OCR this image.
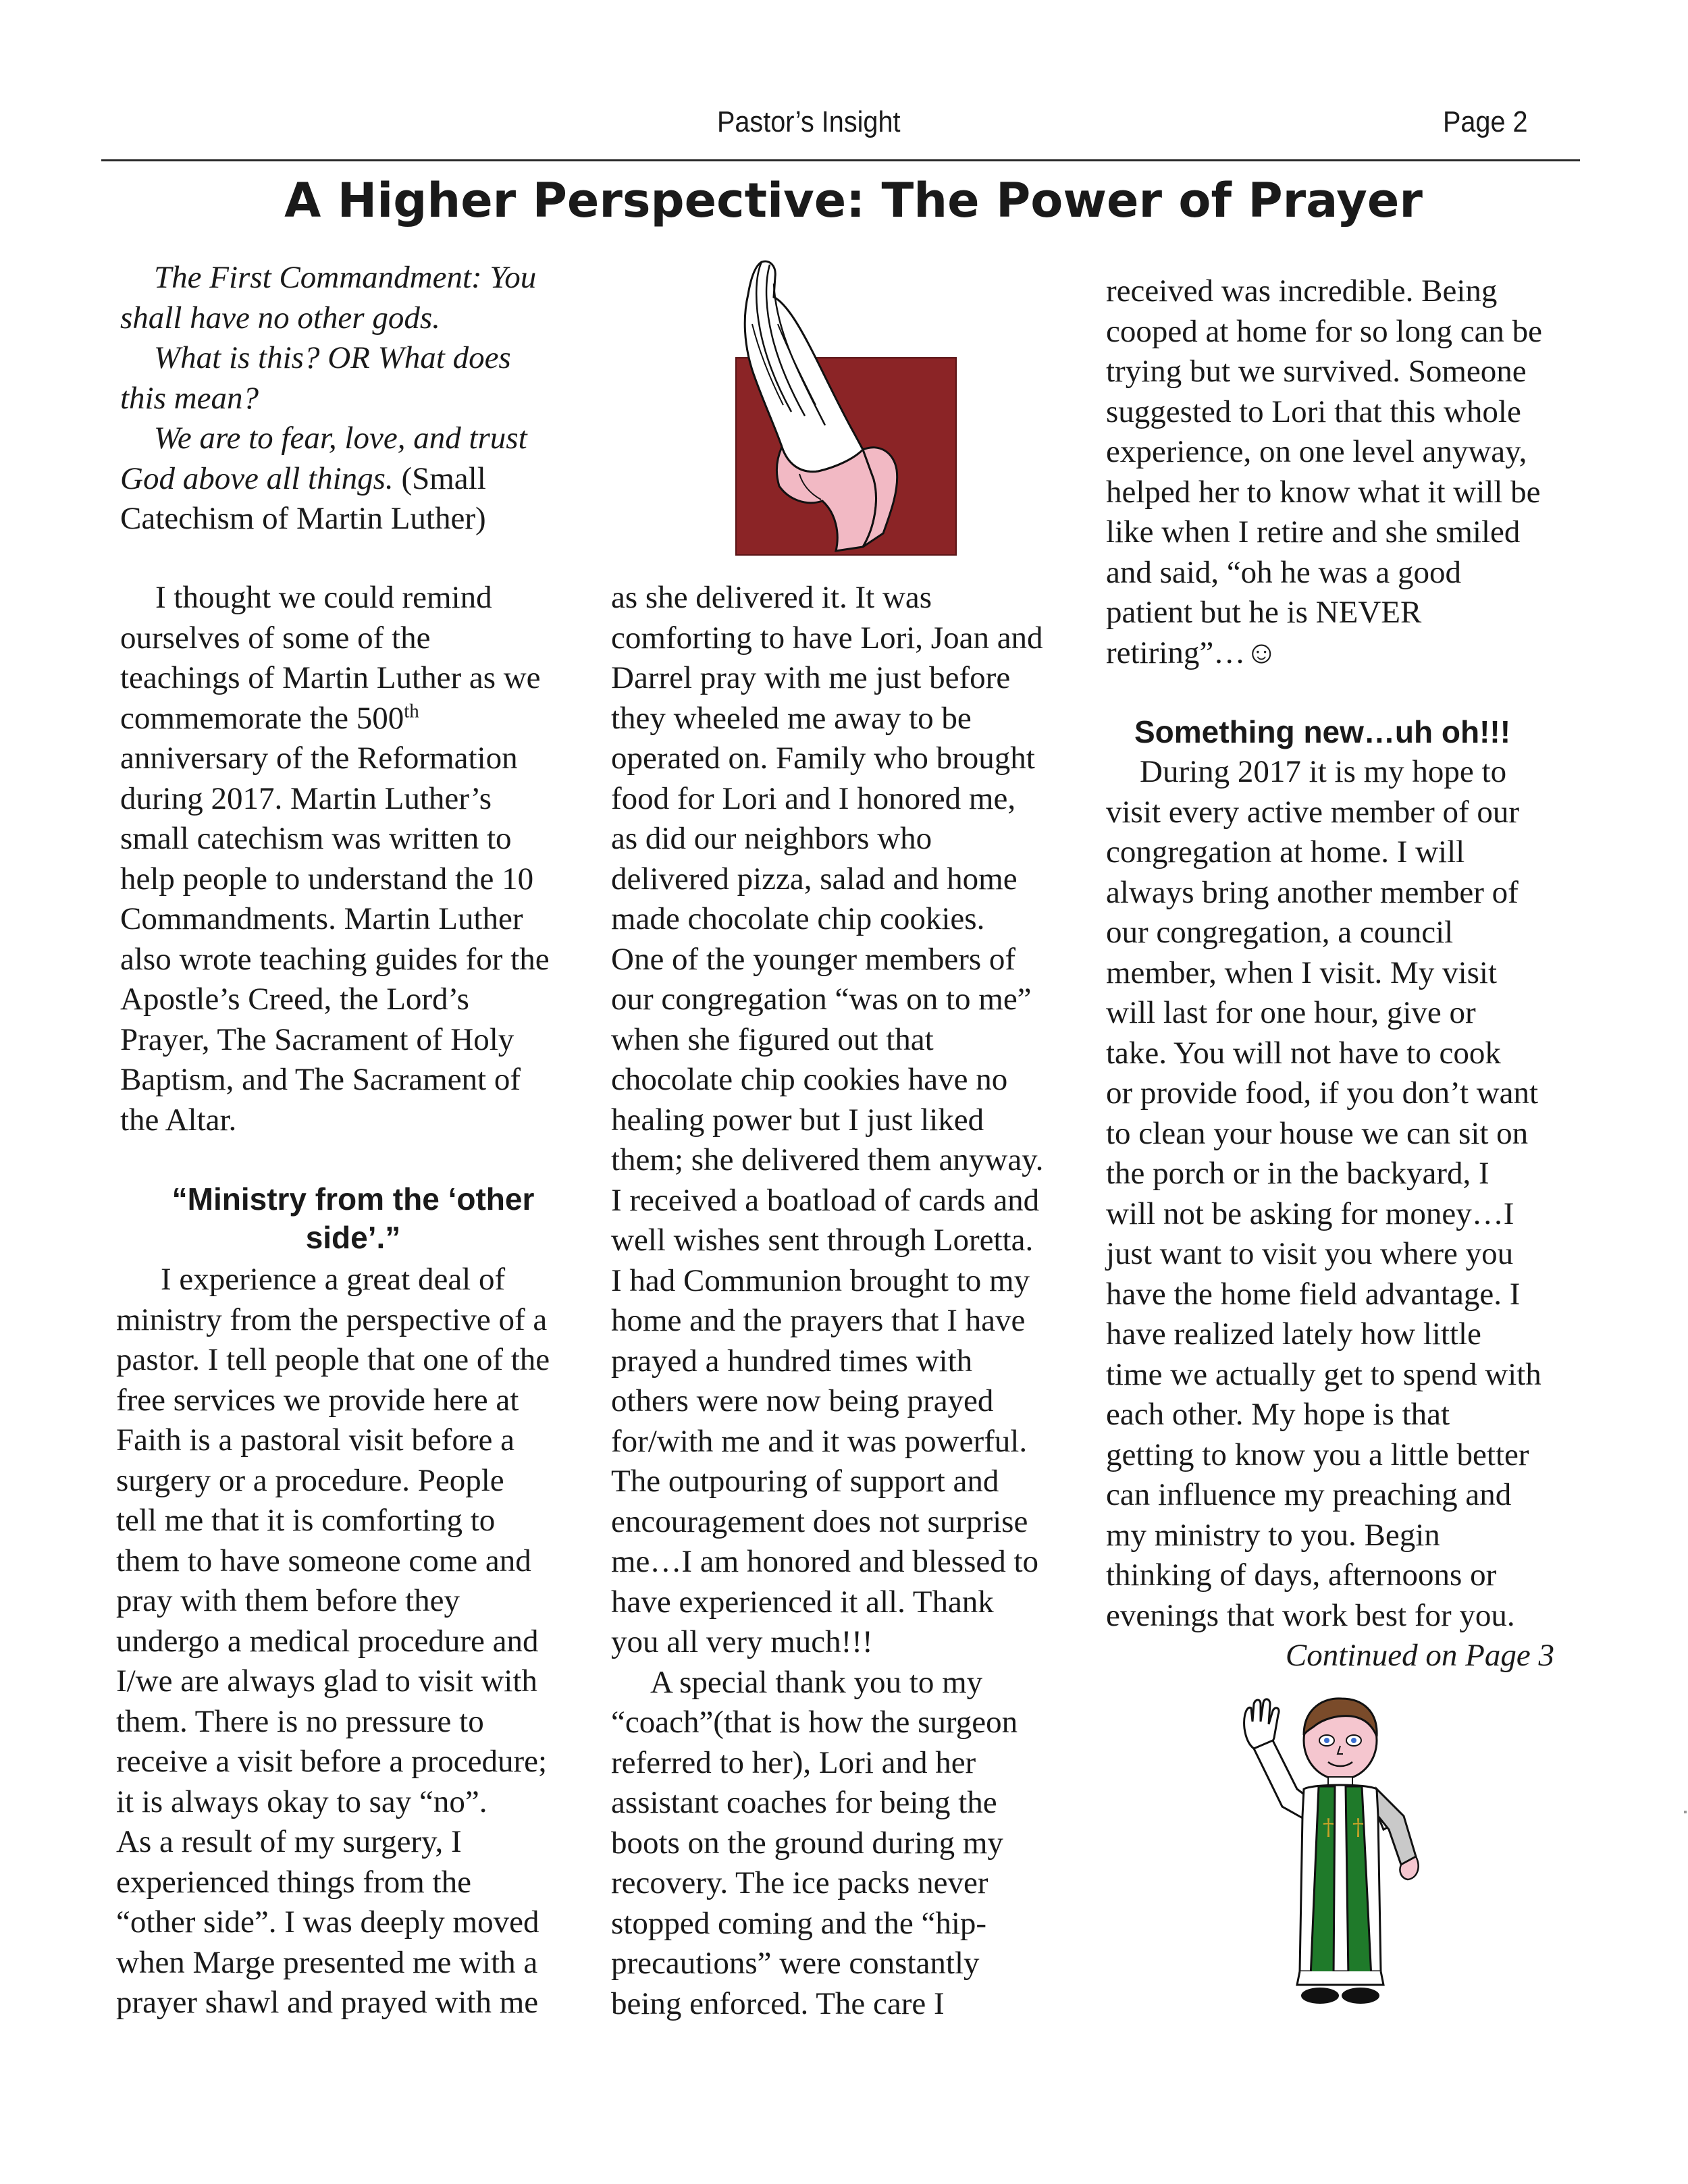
Pastor’s Insight	Page 2
A Higher Perspective: The Power of Prayer
The First Commandment: You
shall have no other gods.
What is this? OR What does
this mean?
We are to fear, love, and trust
God above all things. (Small
Catechism of Martin Luther)
I thought we could remind
ourselves of some of the
teachings of Martin Luther as we
commemorate the 500th
anniversary of the Reformation
during 2017. Martin Luther’s
small catechism was written to
help people to understand the 10
Commandments. Martin Luther
also wrote teaching guides for the
Apostle’s Creed, the Lord’s
Prayer, The Sacrament of Holy
Baptism, and The Sacrament of
the Altar.
“Ministry from the ‘other
side’.”
I experience a great deal of
ministry from the perspective of a
pastor. I tell people that one of the
free services we provide here at
Faith is a pastoral visit before a
surgery or a procedure. People
tell me that it is comforting to
them to have someone come and
pray with them before they
undergo a medical procedure and
I/we are always glad to visit with
them. There is no pressure to
receive a visit before a procedure;
it is always okay to say “no”.
As a result of my surgery, I
experienced things from the
“other side”. I was deeply moved
when Marge presented me with a
prayer shawl and prayed with me
as she delivered it. It was
comforting to have Lori, Joan and
Darrel pray with me just before
they wheeled me away to be
operated on. Family who brought
food for Lori and I honored me,
as did our neighbors who
delivered pizza, salad and home
made chocolate chip cookies.
One of the younger members of
our congregation “was on to me”
when she figured out that
chocolate chip cookies have no
healing power but I just liked
them; she delivered them anyway.
I received a boatload of cards and
well wishes sent through Loretta.
I had Communion brought to my
home and the prayers that I have
prayed a hundred times with
others were now being prayed
for/with me and it was powerful.
The outpouring of support and
encouragement does not surprise
me…I am honored and blessed to
have experienced it all. Thank
you all very much!!!
A special thank you to my
“coach”(that is how the surgeon
referred to her), Lori and her
assistant coaches for being the
boots on the ground during my
recovery. The ice packs never
stopped coming and the “hip-
precautions” were constantly
being enforced. The care I
received was incredible. Being
cooped at home for so long can be
trying but we survived. Someone
suggested to Lori that this whole
experience, on one level anyway,
helped her to know what it will be
like when I retire and she smiled
and said, “oh he was a good
patient but he is NEVER
retiring”…☺
Something new…uh oh!!!
During 2017 it is my hope to
visit every active member of our
congregation at home. I will
always bring another member of
our congregation, a council
member, when I visit. My visit
will last for one hour, give or
take. You will not have to cook
or provide food, if you don’t want
to clean your house we can sit on
the porch or in the backyard, I
will not be asking for money…I
just want to visit you where you
have the home field advantage. I
have realized lately how little
time we actually get to spend with
each other. My hope is that
getting to know you a little better
can influence my preaching and
my ministry to you. Begin
thinking of days, afternoons or
evenings that work best for you.
Continued on Page 3
† †
